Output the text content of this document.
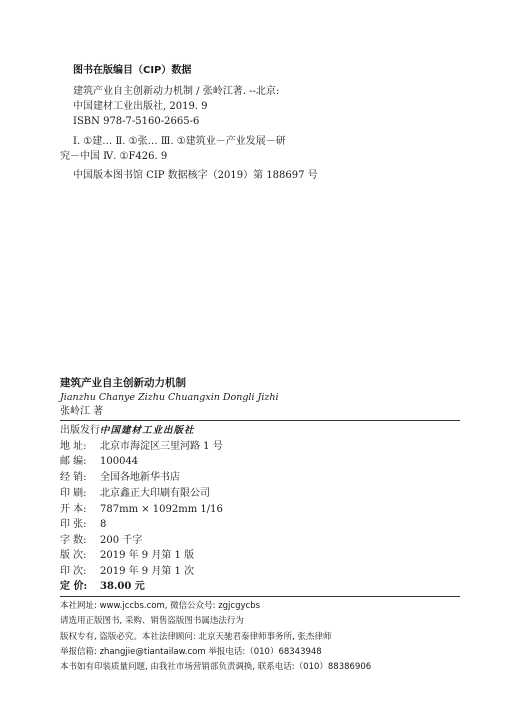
图书在版编目（CIP）数据
建筑产业自主创新动力机制 / 张岭江著. --北京:
中国建材工业出版社, 2019. 9
ISBN 978-7-5160-2665-6
Ⅰ. ①建… Ⅱ. ①张… Ⅲ. ①建筑业－产业发展－研
究－中国 Ⅳ. ①F426. 9
中国版本图书馆 CIP 数据核字（2019）第 188697 号
建筑产业自主创新动力机制
Jianzhu Chanye Zizhu Chuangxin Dongli Jizhi
张岭江 著
出版发行:
中国建材工业出版社
地 址:	北京市海淀区三里河路 1 号
邮 编:	100044
经 销:	全国各地新华书店
印 刷:	北京鑫正大印刷有限公司
开 本:	787mm × 1092mm 1/16
印 张:	8
字 数:	200 千字
版 次:	2019 年 9 月第 1 版
印 次:	2019 年 9 月第 1 次
定 价:	38.00 元
本社网址: www.jccbs.com, 微信公众号: zgjcgycbs
请选用正版图书, 采购、销售盗版图书属违法行为
版权专有, 盗版必究。本社法律顾问: 北京天驰君泰律师事务所, 张杰律师
举报信箱: zhangjie@tiantailaw.com 举报电话:（010）68343948
本书如有印装质量问题, 由我社市场营销部负责调换, 联系电话:（010）88386906
